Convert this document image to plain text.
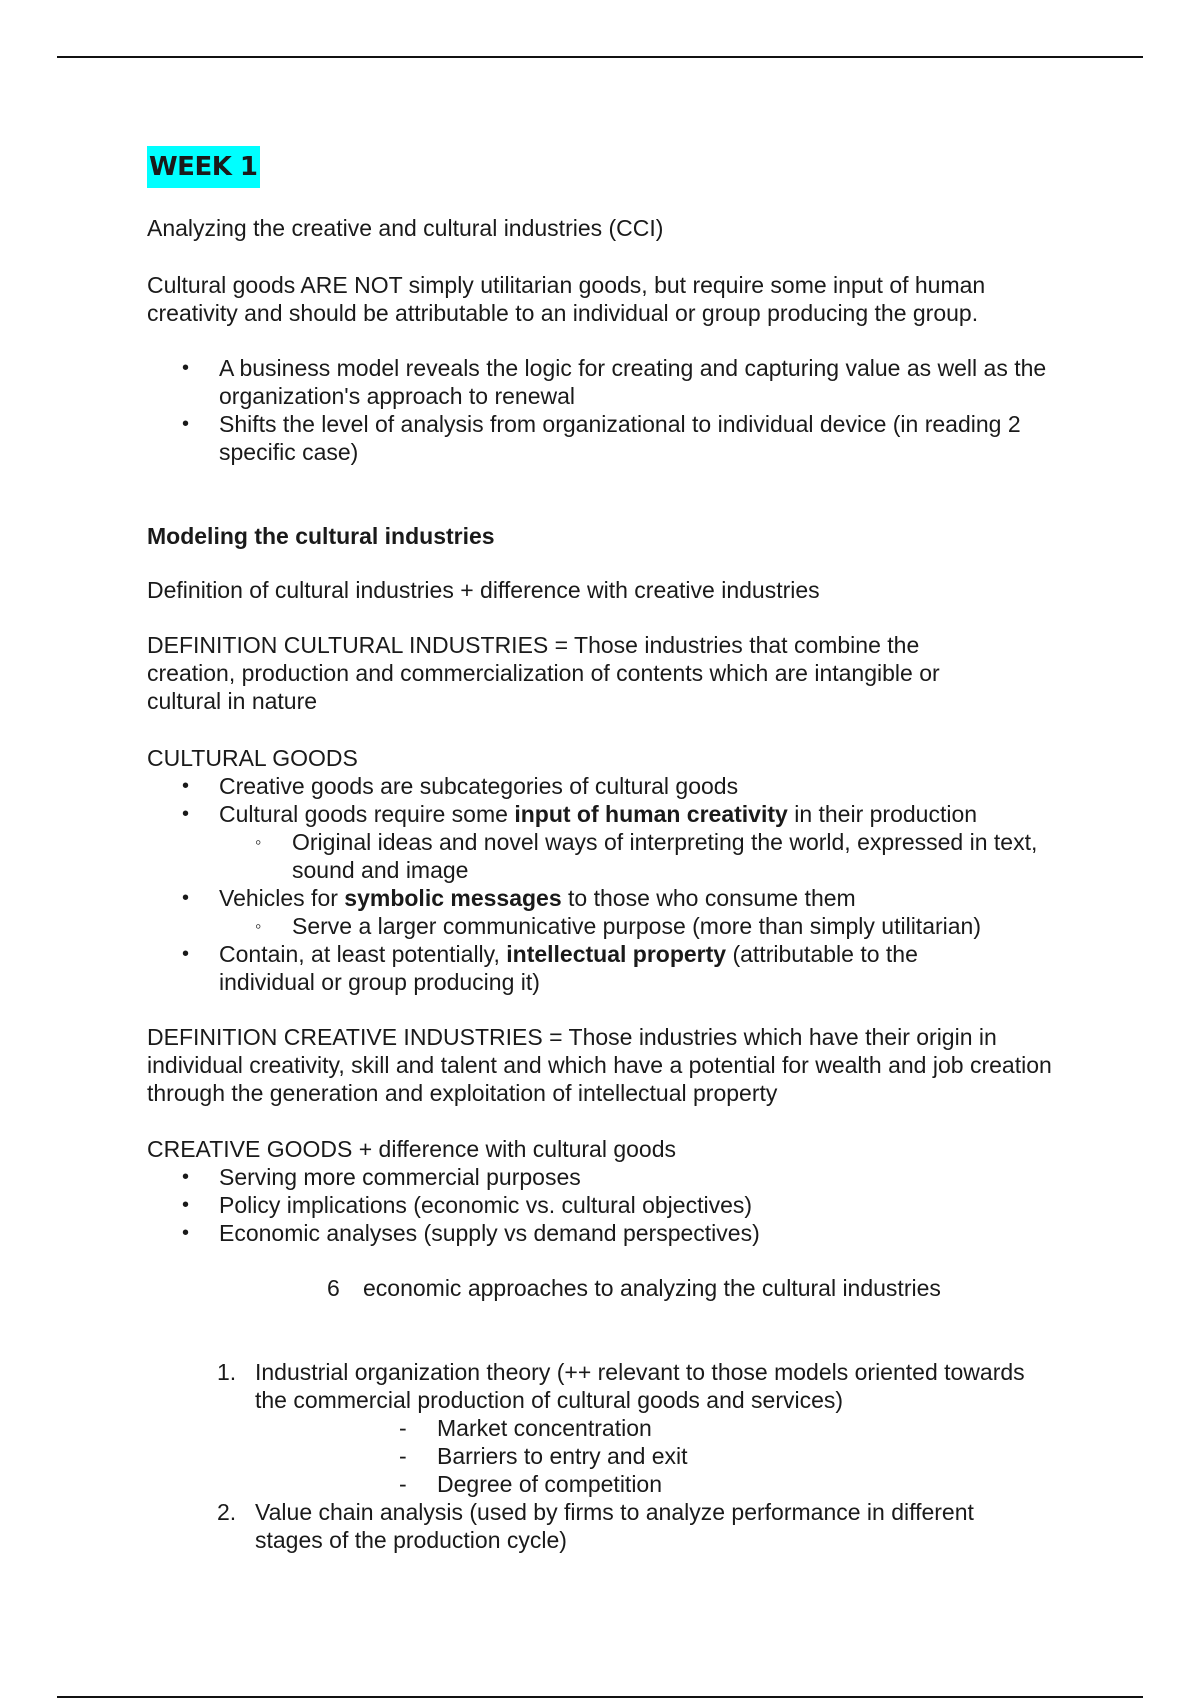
WEEK 1
Analyzing the creative and cultural industries (CCI)
Cultural goods ARE NOT simply utilitarian goods, but require some input of human creativity and should be attributable to an individual or group producing the group.
• A business model reveals the logic for creating and capturing value as well as the organization's approach to renewal
• Shifts the level of analysis from organizational to individual device (in reading 2 specific case)
Modeling the cultural industries
Definition of cultural industries + difference with creative industries
DEFINITION CULTURAL INDUSTRIES = Those industries that combine the creation, production and commercialization of contents which are intangible or cultural in nature
CULTURAL GOODS
• Creative goods are subcategories of cultural goods
• Cultural goods require some input of human creativity in their production
◦ Original ideas and novel ways of interpreting the world, expressed in text, sound and image
• Vehicles for symbolic messages to those who consume them
◦ Serve a larger communicative purpose (more than simply utilitarian)
• Contain, at least potentially, intellectual property (attributable to the individual or group producing it)
DEFINITION CREATIVE INDUSTRIES = Those industries which have their origin in individual creativity, skill and talent and which have a potential for wealth and job creation through the generation and exploitation of intellectual property
CREATIVE GOODS + difference with cultural goods
• Serving more commercial purposes
• Policy implications (economic vs. cultural objectives)
• Economic analyses (supply vs demand perspectives)
6 economic approaches to analyzing the cultural industries
1. Industrial organization theory (++ relevant to those models oriented towards the commercial production of cultural goods and services)
- Market concentration
- Barriers to entry and exit
- Degree of competition
2. Value chain analysis (used by firms to analyze performance in different stages of the production cycle)
